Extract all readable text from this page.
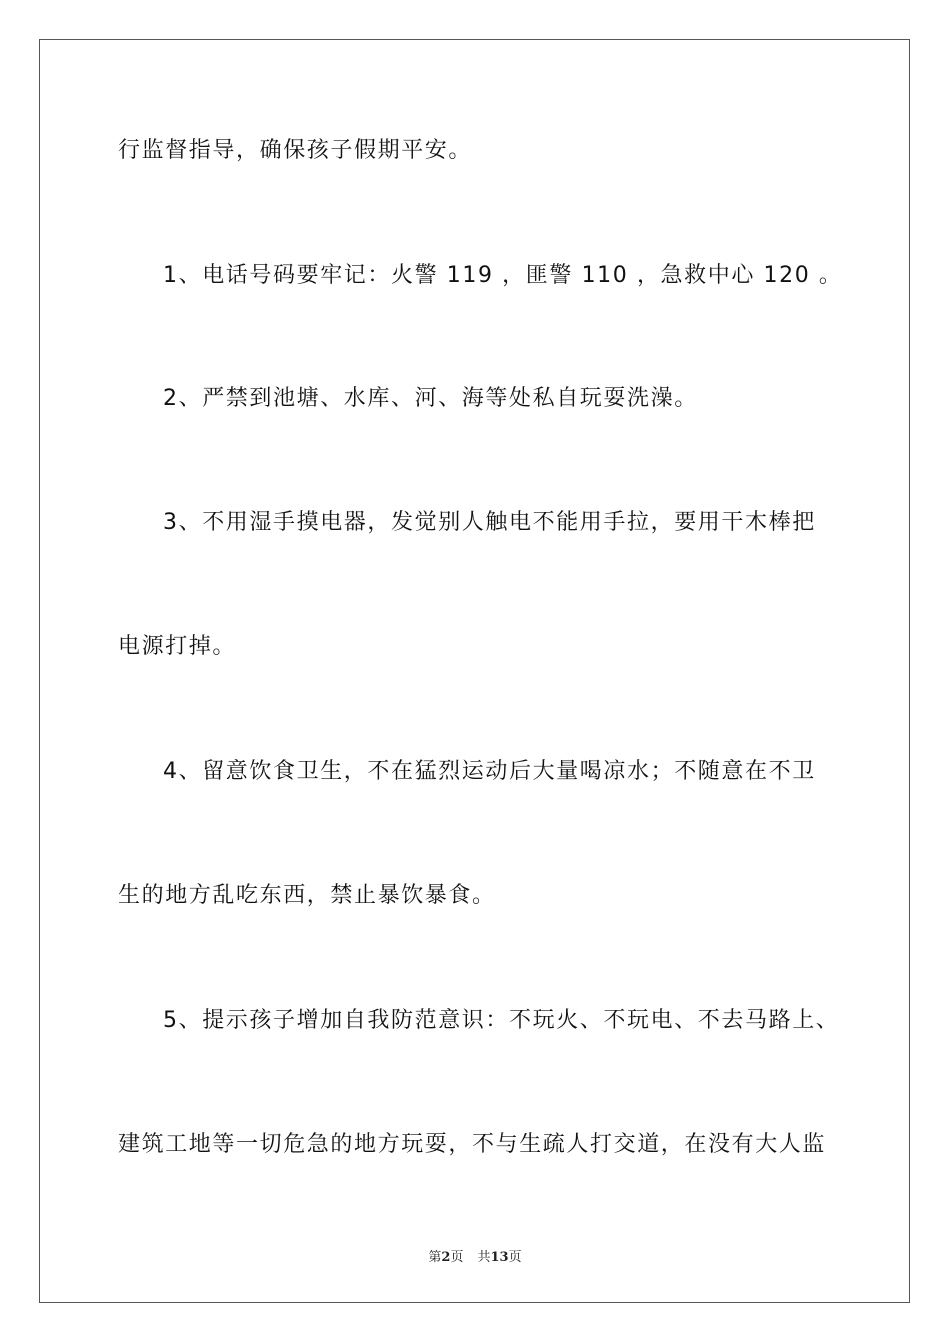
行监督指导，确保孩子假期平安。
1、电话号码要牢记：火警 119 ，匪警 110 ，急救中心 120 。
2、严禁到池塘、水库、河、海等处私自玩耍洗澡。
3、不用湿手摸电器，发觉别人触电不能用手拉，要用干木棒把
电源打掉。
4、留意饮食卫生，不在猛烈运动后大量喝凉水；不随意在不卫
生的地方乱吃东西，禁止暴饮暴食。
5、提示孩子增加自我防范意识：不玩火、不玩电、不去马路上、
建筑工地等一切危急的地方玩耍，不与生疏人打交道，在没有大人监
第2页 共13页
